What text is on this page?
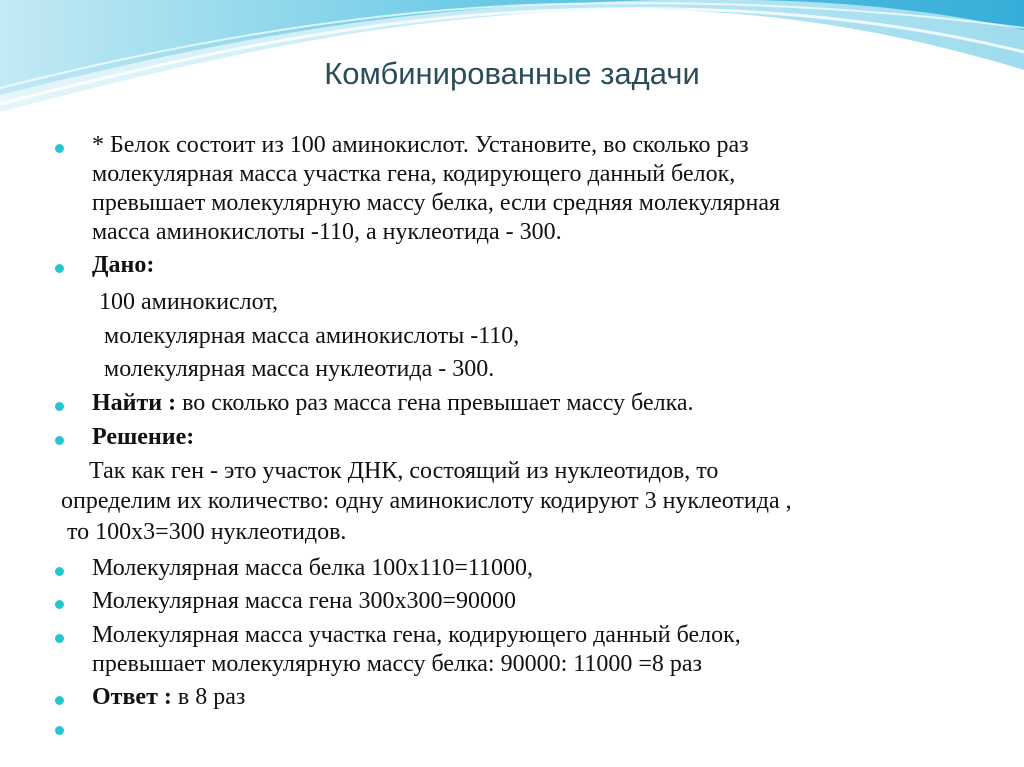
Комбинированные задачи
* Белок состоит из 100 аминокислот. Установите, во сколько раз
молекулярная масса участка гена, кодирующего данный белок,
превышает молекулярную массу белка, если средняя молекулярная
масса аминокислоты -110, а нуклеотида - 300.
Дано:
100 аминокислот,
молекулярная масса аминокислоты -110,
молекулярная масса нуклеотида - 300.
Найти : во сколько раз масса гена превышает массу белка.
Решение:
Так как ген - это участок ДНК, состоящий из нуклеотидов, то
определим их количество: одну аминокислоту кодируют 3 нуклеотида ,
то 100х3=300 нуклеотидов.
Молекулярная масса белка 100х110=11000,
Молекулярная масса гена 300х300=90000
Молекулярная масса участка гена, кодирующего данный белок,
превышает молекулярную массу белка: 90000: 11000 =8 раз
Ответ : в 8 раз
